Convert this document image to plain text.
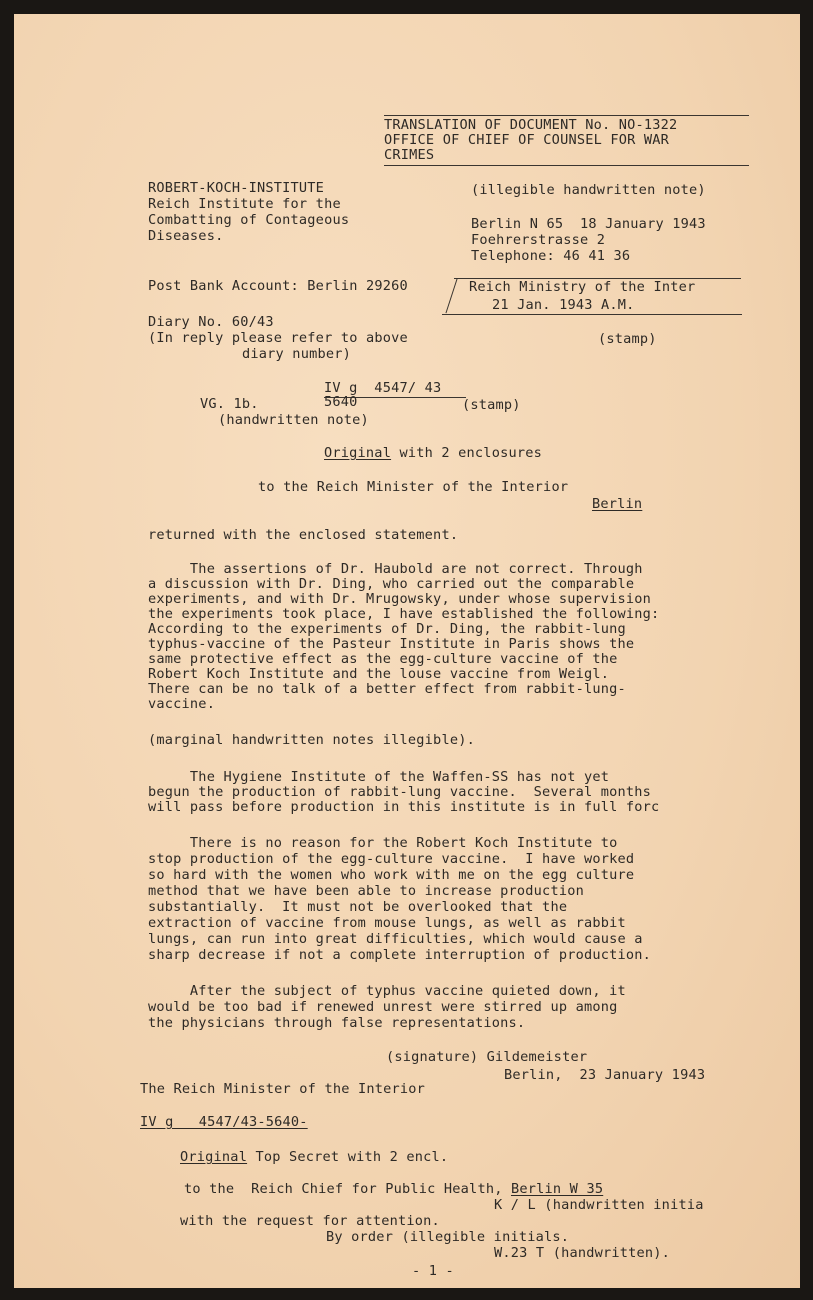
TRANSLATION OF DOCUMENT No. NO-1322
OFFICE OF CHIEF OF COUNSEL FOR WAR
CRIMES
ROBERT-KOCH-INSTITUTE
Reich Institute for the
Combatting of Contageous
Diseases.
(illegible handwritten note)
Berlin N 65  18 January 1943
Foehrerstrasse 2
Telephone: 46 41 36
Post Bank Account: Berlin 29260	Reich Ministry of the Inter
21 Jan. 1943 A.M.
Diary No. 60/43
(In reply please refer to above
diary number)
(stamp)
IV g  4547/ 43
VG. 1b.	5640	(stamp)
(handwritten note)
Original with 2 enclosures
to the Reich Minister of the Interior
Berlin
returned with the enclosed statement.
The assertions of Dr. Haubold are not correct. Through
a discussion with Dr. Ding, who carried out the comparable
experiments, and with Dr. Mrugowsky, under whose supervision
the experiments took place, I have established the following:
According to the experiments of Dr. Ding, the rabbit-lung
typhus-vaccine of the Pasteur Institute in Paris shows the
same protective effect as the egg-culture vaccine of the
Robert Koch Institute and the louse vaccine from Weigl.
There can be no talk of a better effect from rabbit-lung-
vaccine.
(marginal handwritten notes illegible).
The Hygiene Institute of the Waffen-SS has not yet
begun the production of rabbit-lung vaccine.  Several months
will pass before production in this institute is in full forc
There is no reason for the Robert Koch Institute to
stop production of the egg-culture vaccine.  I have worked
so hard with the women who work with me on the egg culture
method that we have been able to increase production
substantially.  It must not be overlooked that the
extraction of vaccine from mouse lungs, as well as rabbit
lungs, can run into great difficulties, which would cause a
sharp decrease if not a complete interruption of production.
After the subject of typhus vaccine quieted down, it
would be too bad if renewed unrest were stirred up among
the physicians through false representations.
(signature) Gildemeister
Berlin,  23 January 1943
The Reich Minister of the Interior
IV g   4547/43-5640-
Original Top Secret with 2 encl.
to the  Reich Chief for Public Health, Berlin W 35
K / L (handwritten initia
with the request for attention.
By order (illegible initials.
W.23 T (handwritten).
- 1 -
